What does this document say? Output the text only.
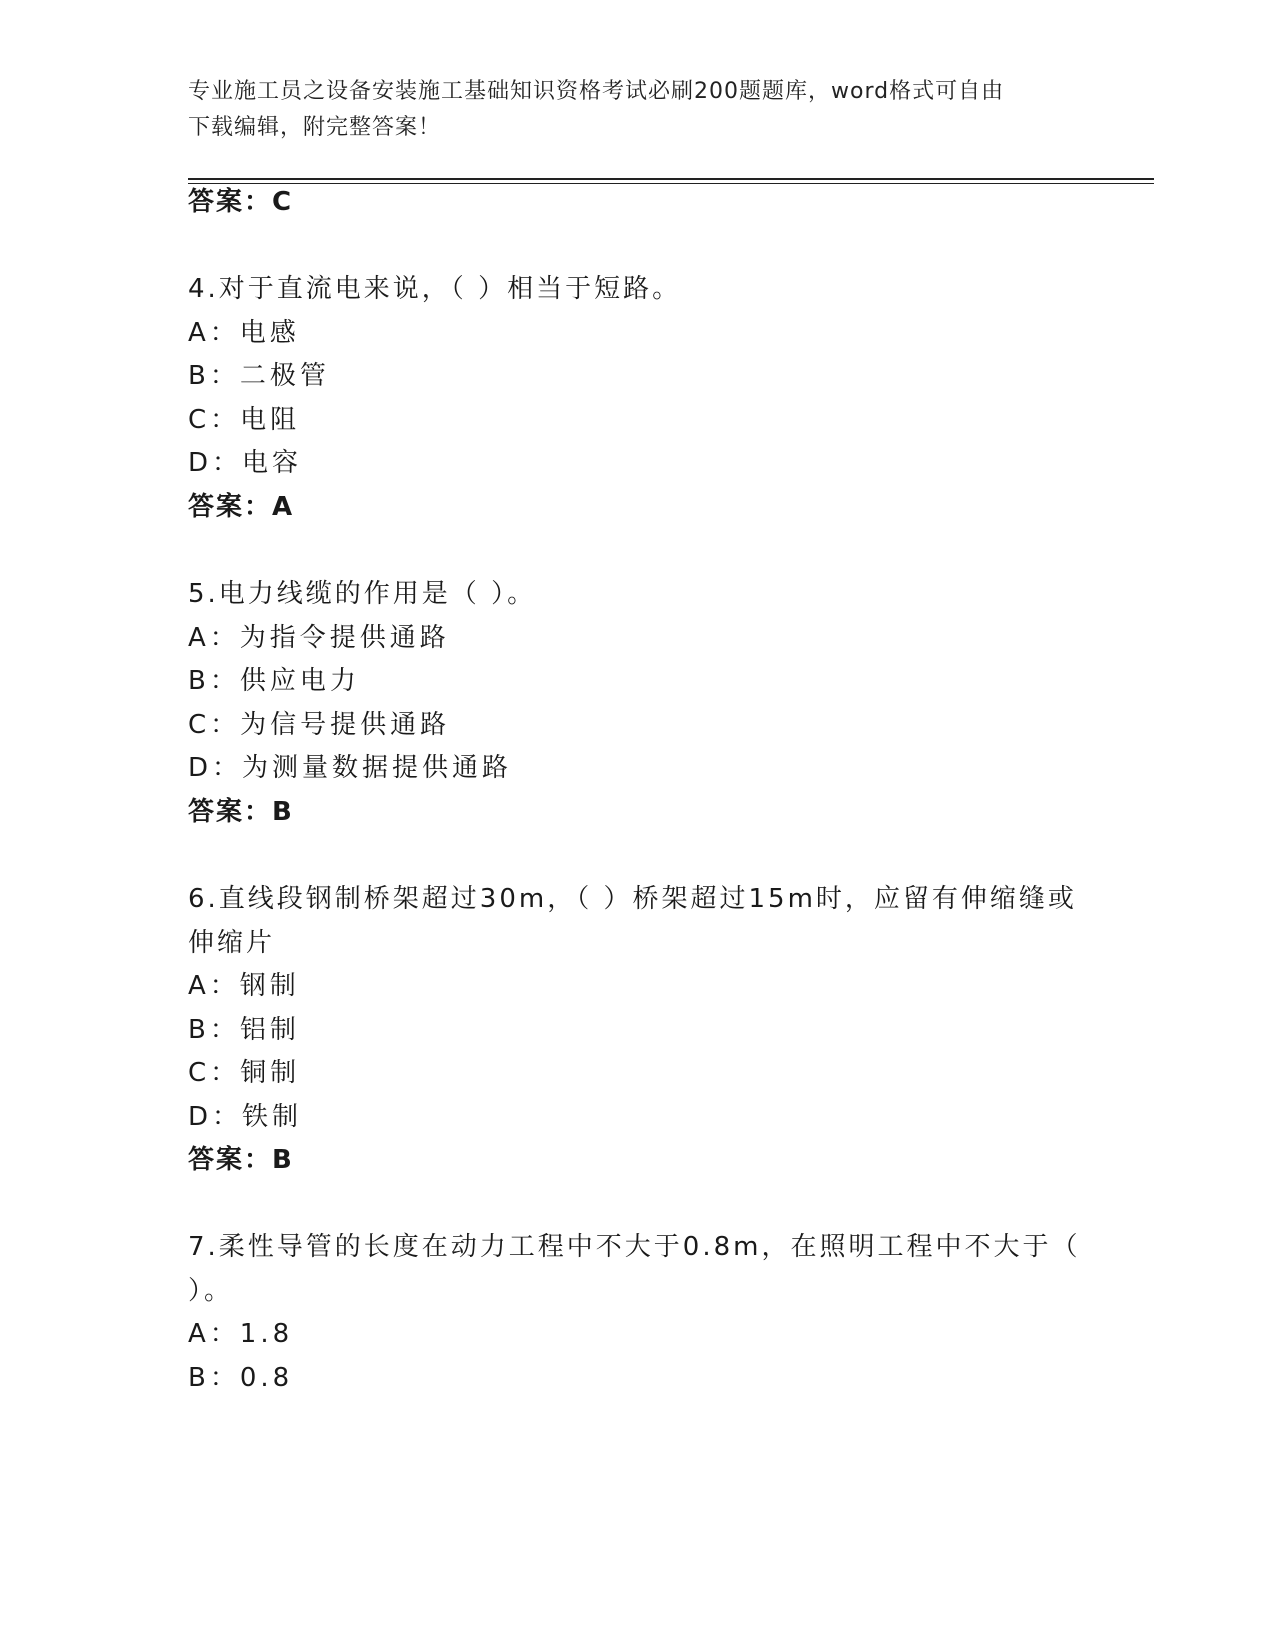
专业施工员之设备安装施工基础知识资格考试必刷200题题库，word格式可自由
下载编辑，附完整答案！
答案：C
4.对于直流电来说，（ ）相当于短路。
A：电感
B：二极管
C：电阻
D：电容
答案：A
5.电力线缆的作用是（ ）。
A：为指令提供通路
B：供应电力
C：为信号提供通路
D：为测量数据提供通路
答案：B
6.直线段钢制桥架超过30m，（ ）桥架超过15m时，应留有伸缩缝或
伸缩片
A：钢制
B：铝制
C：铜制
D：铁制
答案：B
7.柔性导管的长度在动力工程中不大于0.8m，在照明工程中不大于（
）。
A：1.8
B：0.8
